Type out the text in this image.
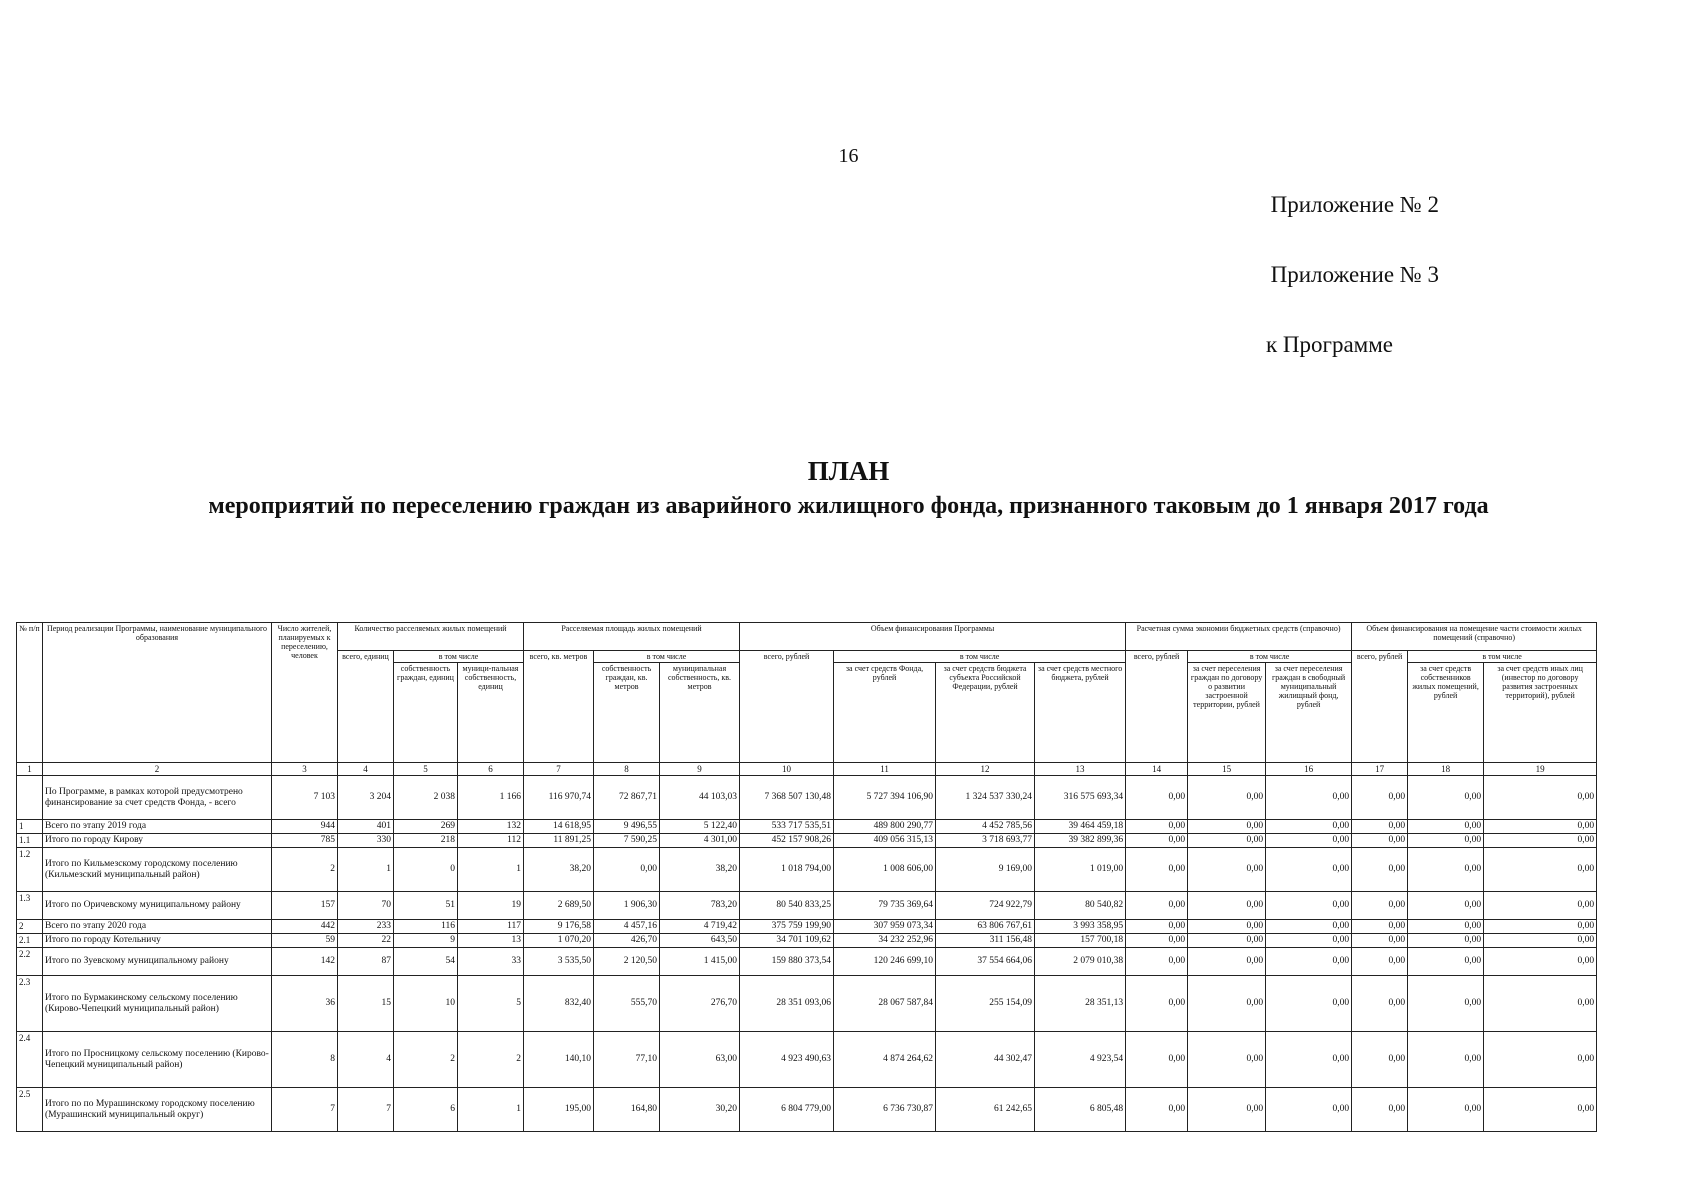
16
Приложение № 2
Приложение № 3
к Программе
ПЛАН
мероприятий по переселению граждан из аварийного жилищного фонда, признанного таковым до 1 января 2017 года
№ п/п	Период реализации Программы, наименование муниципального образования	Число жителей, планируемых к переселению, человек	Количество расселяемых жилых помещений			Расселяемая площадь жилых помещений			Объем финансирования Программы				Расчетная сумма экономии бюджетных средств (справочно)			Объем финансирования на помещение части стоимости жилых помещений (справочно)		
			всего, единиц	в том числе		всего, кв. метров	в том числе		всего, рублей	в том числе			всего, рублей	в том числе		всего, рублей	в том числе	
				собственность граждан, единиц	муници-пальная собственность, единиц		собственность граждан, кв. метров	муниципальная собственность, кв. метров		за счет средств Фонда, рублей	за счет средств бюджета субъекта Российской Федерации, рублей	за счет средств местного бюджета, рублей		за счет переселения граждан по договору о развитии застроенной территории, рублей	за счет переселения граждан в свободный муниципальный жилищный фонд, рублей		за счет средств собственников жилых помещений, рублей	за счет средств иных лиц (инвестор по договору развития застроенных территорий), рублей
1	2	3	4	5	6	7	8	9	10	11	12	13	14	15	16	17	18	19
	По Программе, в рамках которой предусмотрено финансирование за счет средств Фонда, - всего	7 103	3 204	2 038	1 166	116 970,74	72 867,71	44 103,03	7 368 507 130,48	5 727 394 106,90	1 324 537 330,24	316 575 693,34	0,00	0,00	0,00	0,00	0,00	0,00
1	Всего по этапу 2019 года	944	401	269	132	14 618,95	9 496,55	5 122,40	533 717 535,51	489 800 290,77	4 452 785,56	39 464 459,18	0,00	0,00	0,00	0,00	0,00	0,00
1.1	Итого по городу Кирову	785	330	218	112	11 891,25	7 590,25	4 301,00	452 157 908,26	409 056 315,13	3 718 693,77	39 382 899,36	0,00	0,00	0,00	0,00	0,00	0,00
1.2	Итого по Кильмезскому городскому поселению (Кильмезский муниципальный район)	2	1	0	1	38,20	0,00	38,20	1 018 794,00	1 008 606,00	9 169,00	1 019,00	0,00	0,00	0,00	0,00	0,00	0,00
1.3	Итого по Оричевскому муниципальному району	157	70	51	19	2 689,50	1 906,30	783,20	80 540 833,25	79 735 369,64	724 922,79	80 540,82	0,00	0,00	0,00	0,00	0,00	0,00
2	Всего по этапу 2020 года	442	233	116	117	9 176,58	4 457,16	4 719,42	375 759 199,90	307 959 073,34	63 806 767,61	3 993 358,95	0,00	0,00	0,00	0,00	0,00	0,00
2.1	Итого по городу Котельничу	59	22	9	13	1 070,20	426,70	643,50	34 701 109,62	34 232 252,96	311 156,48	157 700,18	0,00	0,00	0,00	0,00	0,00	0,00
2.2	Итого по Зуевскому муниципальному району	142	87	54	33	3 535,50	2 120,50	1 415,00	159 880 373,54	120 246 699,10	37 554 664,06	2 079 010,38	0,00	0,00	0,00	0,00	0,00	0,00
2.3	Итого по Бурмакинскому сельскому поселению (Кирово-Чепецкий муниципальный район)	36	15	10	5	832,40	555,70	276,70	28 351 093,06	28 067 587,84	255 154,09	28 351,13	0,00	0,00	0,00	0,00	0,00	0,00
2.4	Итого по Просницкому сельскому поселению (Кирово-Чепецкий муниципальный район)	8	4	2	2	140,10	77,10	63,00	4 923 490,63	4 874 264,62	44 302,47	4 923,54	0,00	0,00	0,00	0,00	0,00	0,00
2.5	Итого по по Мурашинскому городскому поселению (Мурашинский муниципальный округ)	7	7	6	1	195,00	164,80	30,20	6 804 779,00	6 736 730,87	61 242,65	6 805,48	0,00	0,00	0,00	0,00	0,00	0,00
